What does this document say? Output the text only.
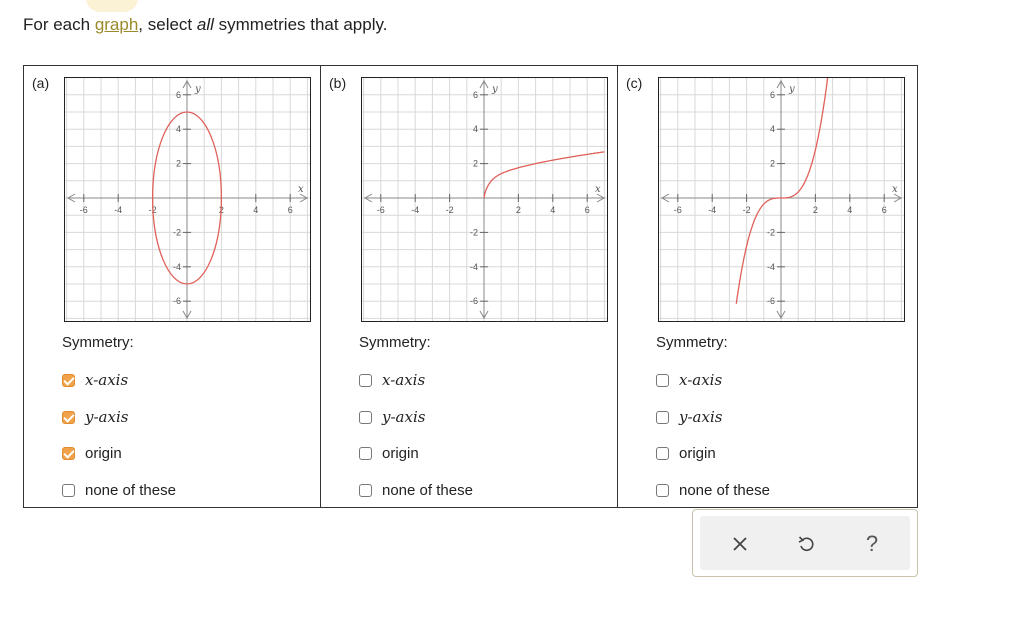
For each graph, select all symmetries that apply.
(a)
-6	-4	-2	2	4	6
6
4
2
-2
-4
-6
x
y
Symmetry:
x-axis
y-axis
origin
none of these
(b)
-6	-4	-2	2	4	6
6
4
2
-2
-4
-6
x
y
Symmetry:
x-axis
y-axis
origin
none of these
(c)
-6	-4	-2	2	4	6
6
4
2
-2
-4
-6
x
y
Symmetry:
x-axis
y-axis
origin
none of these
?
